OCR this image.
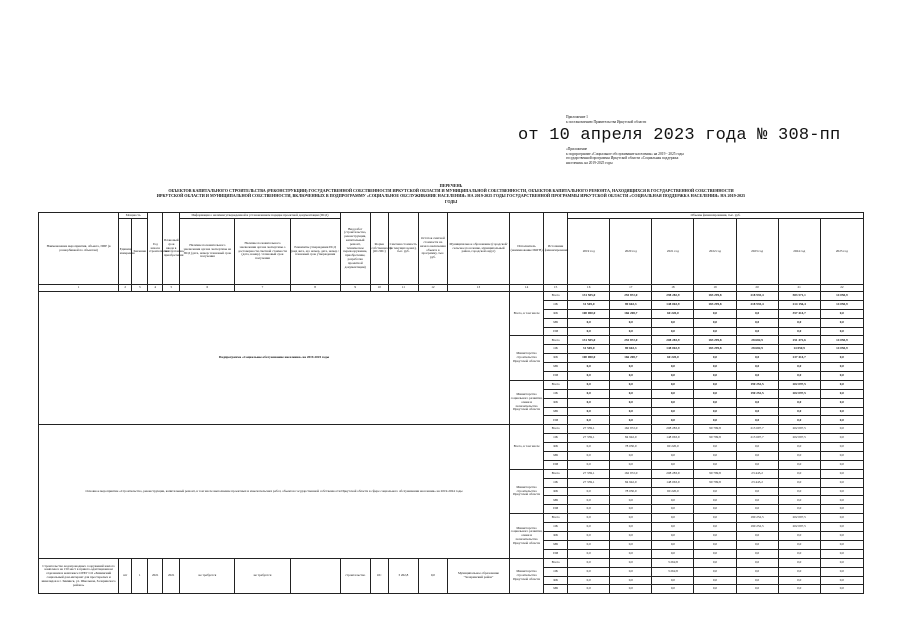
Приложение 1
к постановлению Правительства Иркутской области
от 10 апреля 2023 года № 308-пп
«Приложение
к подпрограмме «Социальное обслуживание населения» на 2019 - 2025 годы
государственной программы Иркутской области «Социальная поддержка
населения» на 2019-2025 годы
ПЕРЕЧЕНЬ
ОБЪЕКТОВ КАПИТАЛЬНОГО СТРОИТЕЛЬСТВА (РЕКОНСТРУКЦИИ) ГОСУДАРСТВЕННОЙ СОБСТВЕННОСТИ ИРКУТСКОЙ ОБЛАСТИ И МУНИЦИПАЛЬНОЙ СОБСТВЕННОСТИ, ОБЪЕКТОВ КАПИТАЛЬНОГО РЕМОНТА, НАХОДЯЩИХСЯ В ГОСУДАРСТВЕННОЙ СОБСТВЕННОСТИ
ИРКУТСКОЙ ОБЛАСТИ И МУНИЦИПАЛЬНОЙ СОБСТВЕННОСТИ, ВКЛЮЧЕННЫХ В ПОДПРОГРАММУ «СОЦИАЛЬНОЕ ОБСЛУЖИВАНИЕ НАСЕЛЕНИЯ» НА 2019-2025 ГОДЫ ГОСУДАРСТВЕННОЙ ПРОГРАММЫ ИРКУТСКОЙ ОБЛАСТИ «СОЦИАЛЬНАЯ ПОДДЕРЖКА НАСЕЛЕНИЯ» НА 2019-2025
ГОДЫ
Наименование мероприятия, объекта, ППР (в разнорбивкой по объектам)	Мощность		Год начала строительства	Плановый срок ввода в эксплуатацию/ приобретения	Информация о наличии утвержденной и установленном порядке проектной документации (ПСД)			Вид работ (строительство, реконструкция, капитальный ремонт, техническое перевооружение, приобретение, разработка проектной документации)	Форма собственности (ОС/МС)	Сметная стоимость (в текущих ценах), тыс. руб.	Остаток сметной стоимости на начало включения объекта в программу, тыс. руб.	Муниципальное образование (городской/сельское поселение, муниципальный район, городской округ)	Исполнитель (наименование ИОГВ)	Источники финансирования	Объемы финансирования, тыс. руб.						
	Единица измерения	Значение			Наличие положительного заключения органа экспертизы на ПСД (дата, номер/ плановый срок получения	Наличие положительного заключения органа экспертизы о достоверности сметной стоимости (дата, номер) / плановый срок получения	Реквизиты утверждения ПСД (вид акта, его номер, дата, номер / плановый срок утверждения								2019 год	2020 год	2021 год	2022 год	2023 год	2024 год	2025 год
1	2	3	4	5	6	7	8	9	10	11	12	13	14	15	16	17	18	19	20	21	22
Подпрограмма «Социальное обслуживание населения» на 2019-2025 годы													Всего, в том числе	Всего	131 505,0	255 872,0	298 282,9	183 299,8	218 935,4	583 571,1	14 050,9
														ОБ	31 505,0	89 663,3	148 063,9	183 299,8	218 935,4	214 156,4	14 050,9
														ФБ	100 000,0	166 208,7	60 220,0	0,0	0,0	357 414,7	0,0
														МБ	0,0	0,0	0,0	0,0	0,0	0,0	0,0
														ИИ	0,0	0,0	0,0	0,0	0,0	0,0	0,0
													Министерство строительства Иркутской области	Всего	131 505,0	255 872,0	208 283,9	183 299,8	28 682,9	251 472,6	14 050,9
														ОБ	31 505,0	89 663,3	148 063,9	183 299,8	28 682,9	14 050,9	14 050,9
														ФБ	100 000,0	166 208,7	60 220,0	0,0	0,0	237 414,7	0,0
														МБ	0,0	0,0	0,0	0,0	0,0	0,0	0,0
														ИИ	0,0	0,0	0,0	0,0	0,0	0,0	0,0
													Министерство социального развития, опеки и попечительства Иркутской области	Всего	0,0	0,0	0,0	0,0	190 252,5	202 097,5	0,0
														ОБ	0,0	0,0	0,0	0,0	190 252,5	202 097,5	0,0
														ФБ	0,0	0,0	0,0	0,0	0,0	0,0	0,0
														МБ	0,0	0,0	0,0	0,0	0,0	0,0	0,0
														ИИ	0,0	0,0	0,0	0,0	0,0	0,0	0,0
Основное мероприятие «Строительство, реконструкция, капитальный ремонт, в том числе выполнение проектных и изыскательских работ, объектов государственной собственности Иркутской области в сфере социального обслуживания населения» на 2019-2024 годы													Всего, в том числе	Всего	27 339,1	162 972,0	208 283,9	90 799,8	213 697,7	202 097,5	0,0
														ОБ	27 339,1	84 942,0	148 063,9	90 799,8	213 697,7	202 097,5	0,0
														ФБ	0,0	78 030,0	60 220,0	0,0	0,0	0,0	0,0
														МБ	0,0	0,0	0,0	0,0	0,0	0,0	0,0
														ИИ	0,0	0,0	0,0	0,0	0,0	0,0	0,0
													Министерство строительства Иркутской области	Всего	27 339,1	162 972,0	208 283,9	90 799,8	23 445,2	0,0	0,0
														ОБ	27 339,1	84 942,0	148 063,9	90 799,8	23 445,2	0,0	0,0
														ФБ	0,0	78 030,0	60 220,0	0,0	0,0	0,0	0,0
														МБ	0,0	0,0	0,0	0,0	0,0	0,0	0,0
														ИИ	0,0	0,0	0,0	0,0	0,0	0,0	0,0
													Министерство социального развития, опеки и попечительства Иркутской области	Всего	0,0	0,0	0,0	0,0	190 252,5	202 097,5	0,0
														ОБ	0,0	0,0	0,0	0,0	190 252,5	202 097,5	0,0
														ФБ	0,0	0,0	0,0	0,0	0,0	0,0	0,0
														МБ	0,0	0,0	0,0	0,0	0,0	0,0	0,0
														ИИ	0,0	0,0	0,0	0,0	0,0	0,0	0,0
Строительство водопроводных сооружений жилого комплекса на 150 мест в приюто-адаптационном отделении и комплексе ОГБУ СО «Зиминский социальный дом-интернат для престарелых и инвалидов в г. Зиминск, ул. Школьная, Заларинского района»	шт	1	2021	2021	не требуется	не требуется		строительство	ОС	3 262,8	0,0	Муниципальное образование "Заларинский район"	Министерство строительства Иркутской области	Всего	0,0	0,0	3 262,8	0,0	0,0	0,0	0,0
														ОБ	0,0	0,0	3 262,8	0,0	0,0	0,0	0,0
														ФБ	0,0	0,0	0,0	0,0	0,0	0,0	0,0
														МБ	0,0	0,0	0,0	0,0	0,0	0,0	0,0
